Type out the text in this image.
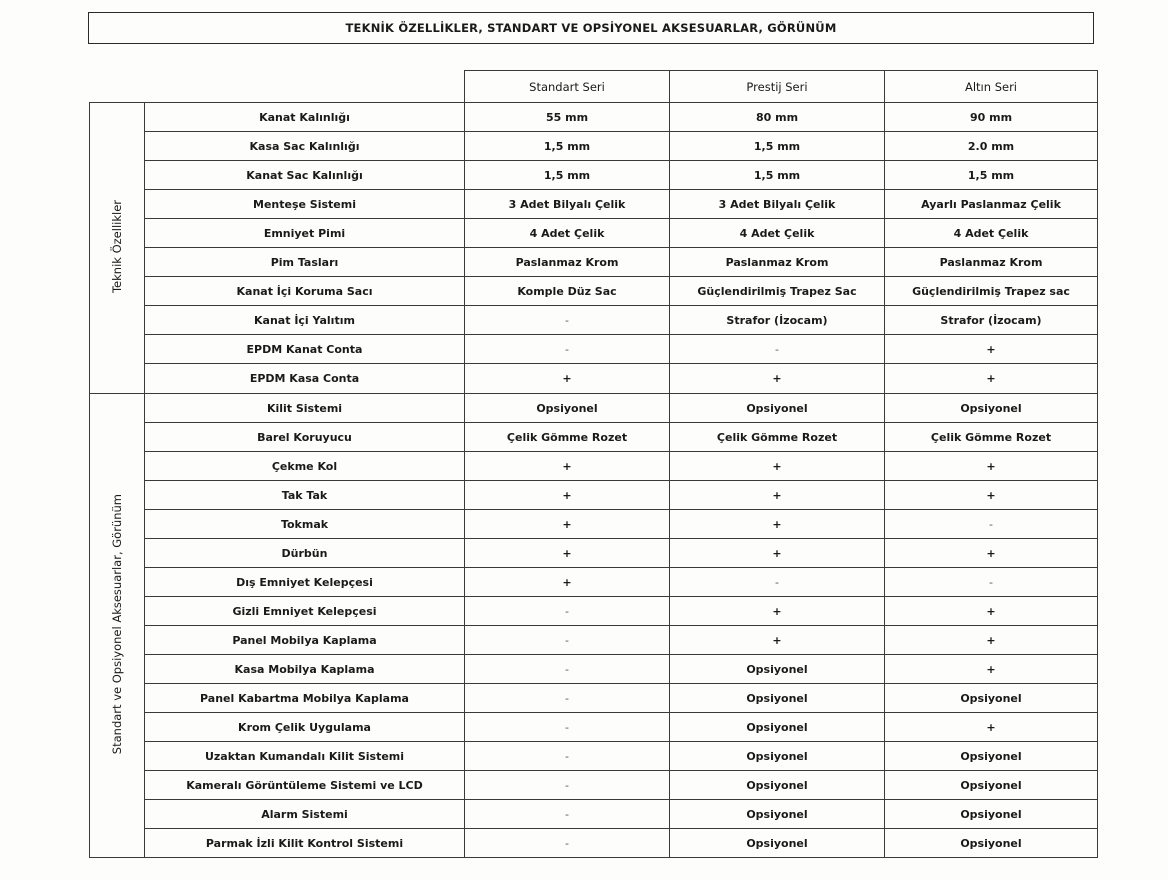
TEKNİK ÖZELLİKLER, STANDART VE OPSİYONEL AKSESUARLAR, GÖRÜNÜM
		Standart Seri	Prestij Seri	Altın Seri
Teknik Özellikler	Kanat Kalınlığı	55 mm	80 mm	90 mm
	Kasa Sac Kalınlığı	1,5 mm	1,5 mm	2.0 mm
	Kanat Sac Kalınlığı	1,5 mm	1,5 mm	1,5 mm
	Menteşe Sistemi	3 Adet Bilyalı Çelik	3 Adet Bilyalı Çelik	Ayarlı Paslanmaz Çelik
	Emniyet Pimi	4 Adet Çelik	4 Adet Çelik	4 Adet Çelik
	Pim Tasları	Paslanmaz Krom	Paslanmaz Krom	Paslanmaz Krom
	Kanat İçi Koruma Sacı	Komple Düz Sac	Güçlendirilmiş Trapez Sac	Güçlendirilmiş Trapez sac
	Kanat İçi Yalıtım	-	Strafor (İzocam)	Strafor (İzocam)
	EPDM Kanat Conta	-	-	+
	EPDM Kasa Conta	+	+	+
Standart ve Opsiyonel Aksesuarlar, Görünüm	Kilit Sistemi	Opsiyonel	Opsiyonel	Opsiyonel
	Barel Koruyucu	Çelik Gömme Rozet	Çelik Gömme Rozet	Çelik Gömme Rozet
	Çekme Kol	+	+	+
	Tak Tak	+	+	+
	Tokmak	+	+	-
	Dürbün	+	+	+
	Dış Emniyet Kelepçesi	+	-	-
	Gizli Emniyet Kelepçesi	-	+	+
	Panel Mobilya Kaplama	-	+	+
	Kasa Mobilya Kaplama	-	Opsiyonel	+
	Panel Kabartma Mobilya Kaplama	-	Opsiyonel	Opsiyonel
	Krom Çelik Uygulama	-	Opsiyonel	+
	Uzaktan Kumandalı Kilit Sistemi	-	Opsiyonel	Opsiyonel
	Kameralı Görüntüleme Sistemi ve LCD	-	Opsiyonel	Opsiyonel
	Alarm Sistemi	-	Opsiyonel	Opsiyonel
	Parmak İzli Kilit Kontrol Sistemi	-	Opsiyonel	Opsiyonel
